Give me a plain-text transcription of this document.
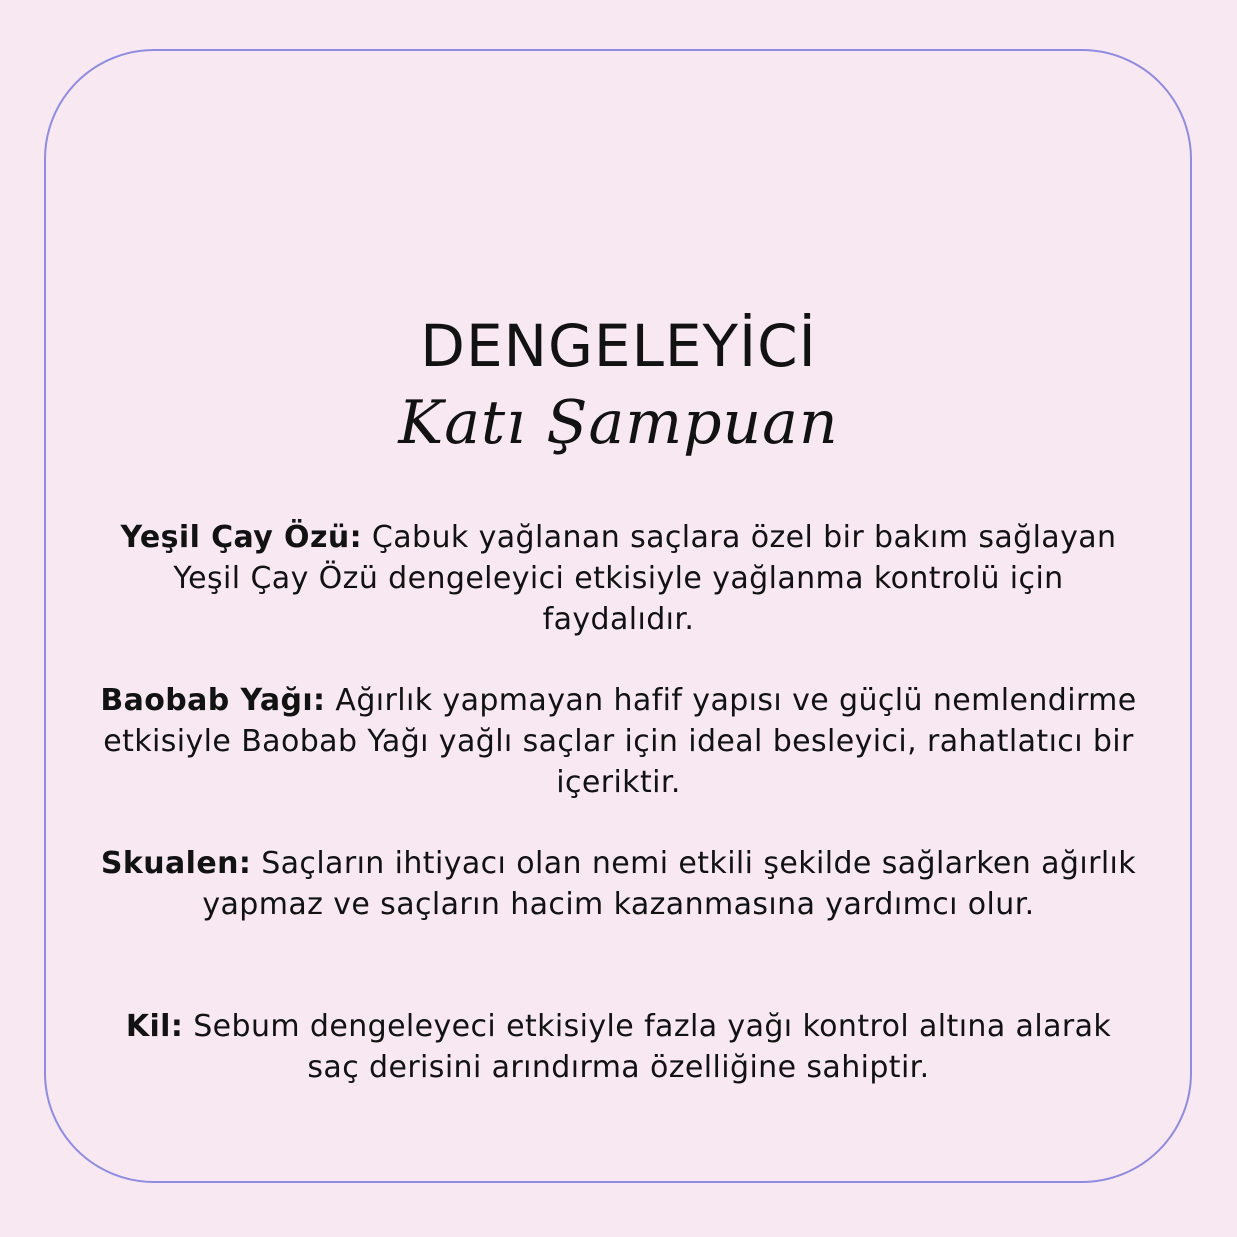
DENGELEYİCİ
Katı Şampuan
Yeşil Çay Özü: Çabuk yağlanan saçlara özel bir bakım sağlayan Yeşil Çay Özü dengeleyici etkisiyle yağlanma kontrolü için faydalıdır.
Baobab Yağı: Ağırlık yapmayan hafif yapısı ve güçlü nemlendirme etkisiyle Baobab Yağı yağlı saçlar için ideal besleyici, rahatlatıcı bir içeriktir.
Skualen: Saçların ihtiyacı olan nemi etkili şekilde sağlarken ağırlık yapmaz ve saçların hacim kazanmasına yardımcı olur.
Kil: Sebum dengeleyeci etkisiyle fazla yağı kontrol altına alarak saç derisini arındırma özelliğine sahiptir.
